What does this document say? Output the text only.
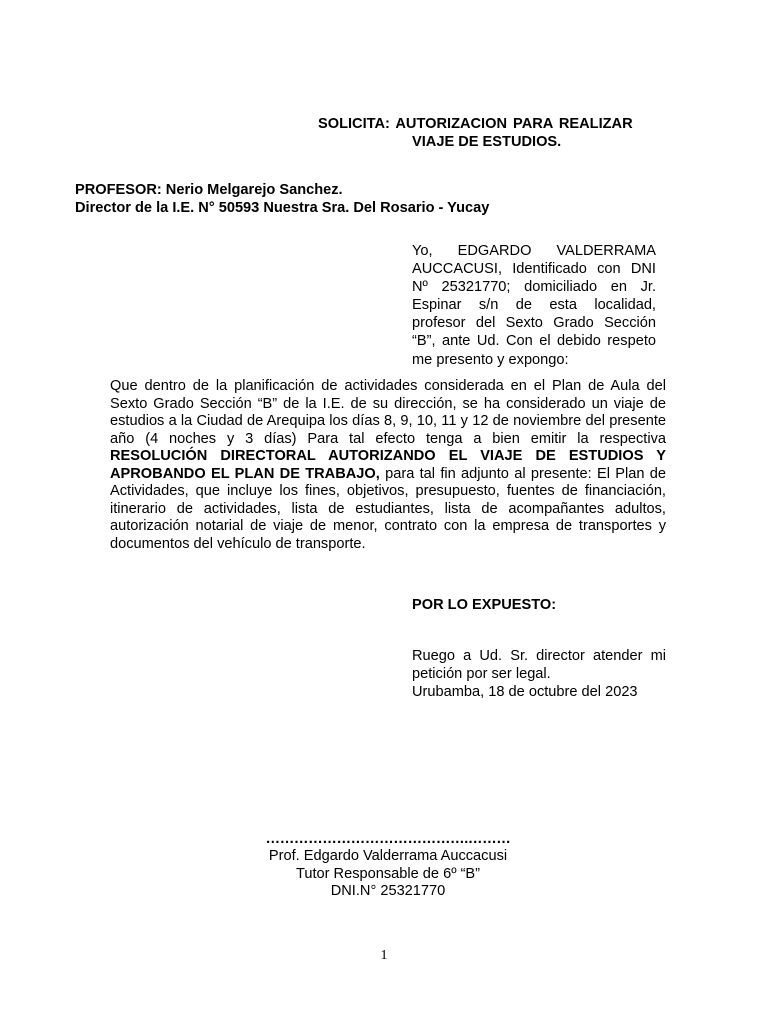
SOLICITA: AUTORIZACION PARA REALIZAR
VIAJE DE ESTUDIOS.
PROFESOR: Nerio Melgarejo Sanchez.
Director de la I.E. N° 50593 Nuestra Sra. Del Rosario - Yucay
Yo, EDGARDO VALDERRAMA AUCCACUSI, Identificado con DNI Nº 25321770; domiciliado en Jr. Espinar s/n de esta localidad, profesor del Sexto Grado Sección “B”, ante Ud. Con el debido respeto me presento y expongo:
Que dentro de la planificación de actividades considerada en el Plan de Aula del Sexto Grado Sección “B” de la I.E. de su dirección, se ha considerado un viaje de estudios a la Ciudad de Arequipa los días 8, 9, 10, 11 y 12 de noviembre del presente año (4 noches y 3 días) Para tal efecto tenga a bien emitir la respectiva RESOLUCIÓN DIRECTORAL AUTORIZANDO EL VIAJE DE ESTUDIOS Y APROBANDO EL PLAN DE TRABAJO, para tal fin adjunto al presente: El Plan de Actividades, que incluye los fines, objetivos, presupuesto, fuentes de financiación, itinerario de actividades, lista de estudiantes, lista de acompañantes adultos, autorización notarial de viaje de menor, contrato con la empresa de transportes y documentos del vehículo de transporte.
POR LO EXPUESTO:
Ruego a Ud. Sr. director atender mi petición por ser legal.
Urubamba, 18 de octubre del 2023
…………………………………….………
Prof. Edgardo Valderrama Auccacusi
Tutor Responsable de 6º “B”
DNI.N° 25321770
1
